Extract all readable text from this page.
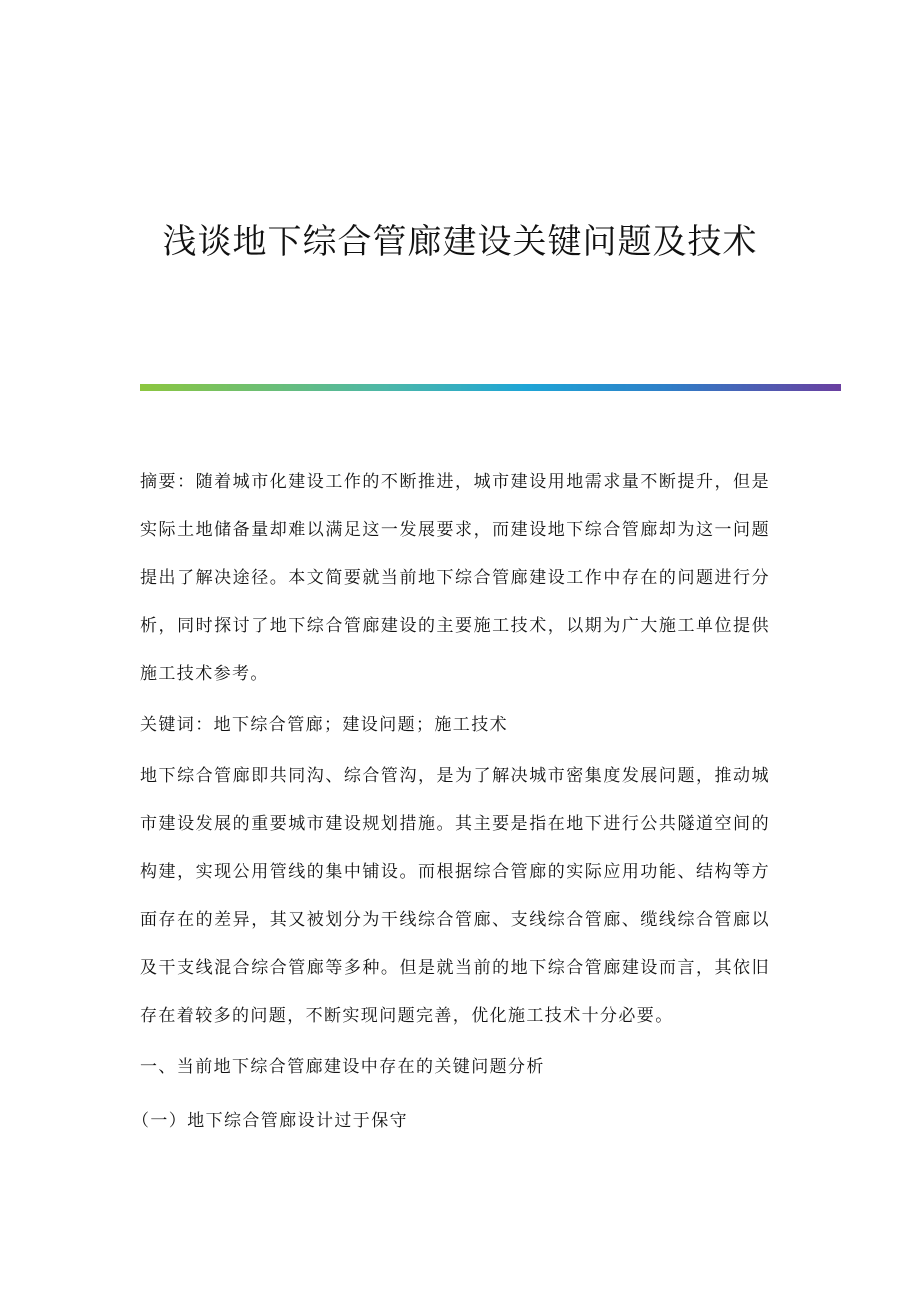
浅谈地下综合管廊建设关键问题及技术

摘要：随着城市化建设工作的不断推进，城市建设用地需求量不断提升，但是实际土地储备量却难以满足这一发展要求，而建设地下综合管廊却为这一问题提出了解决途径。本文简要就当前地下综合管廊建设工作中存在的问题进行分析，同时探讨了地下综合管廊建设的主要施工技术，以期为广大施工单位提供施工技术参考。

关键词：地下综合管廊；建设问题；施工技术

地下综合管廊即共同沟、综合管沟，是为了解决城市密集度发展问题，推动城市建设发展的重要城市建设规划措施。其主要是指在地下进行公共隧道空间的构建，实现公用管线的集中铺设。而根据综合管廊的实际应用功能、结构等方面存在的差异，其又被划分为干线综合管廊、支线综合管廊、缆线综合管廊以及干支线混合综合管廊等多种。但是就当前的地下综合管廊建设而言，其依旧存在着较多的问题，不断实现问题完善，优化施工技术十分必要。

一、当前地下综合管廊建设中存在的关键问题分析

（一）地下综合管廊设计过于保守
